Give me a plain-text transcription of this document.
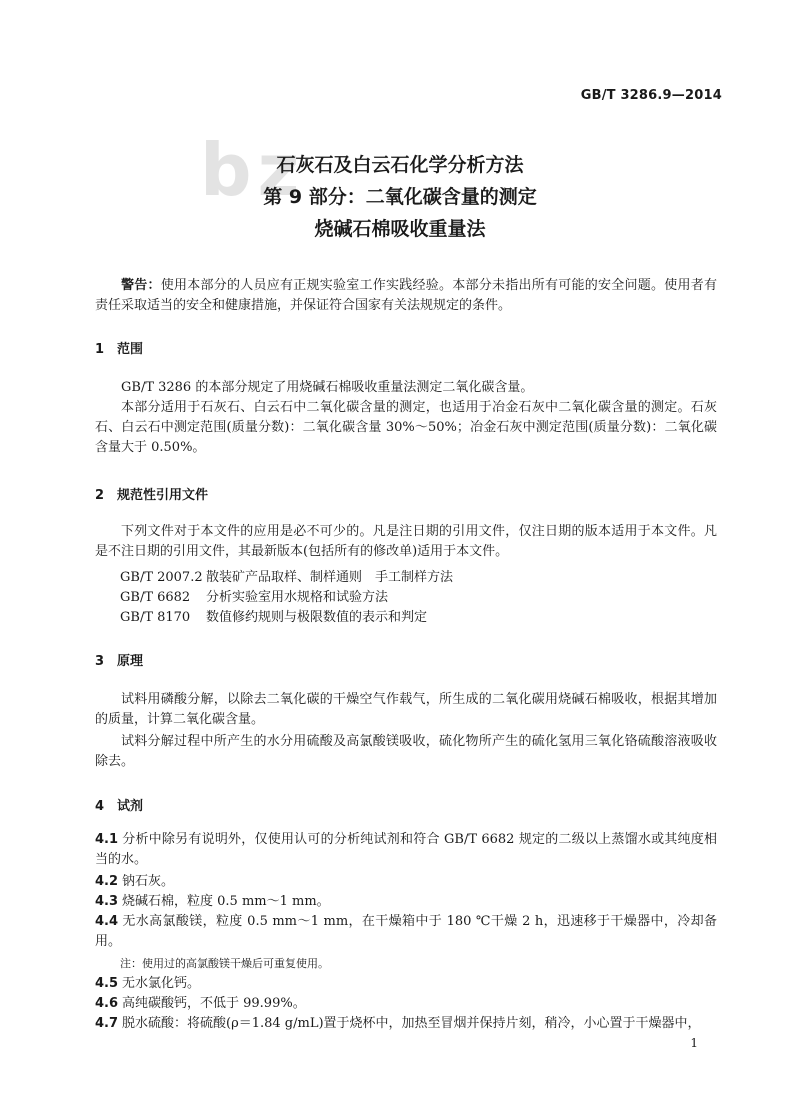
GB/T 3286.9—2014
bz
石灰石及白云石化学分析方法
第 9 部分：二氧化碳含量的测定
烧碱石棉吸收重量法
警告：使用本部分的人员应有正规实验室工作实践经验。本部分未指出所有可能的安全问题。使用者有责任采取适当的安全和健康措施，并保证符合国家有关法规规定的条件。
1 范围
GB/T 3286 的本部分规定了用烧碱石棉吸收重量法测定二氧化碳含量。
本部分适用于石灰石、白云石中二氧化碳含量的测定，也适用于冶金石灰中二氧化碳含量的测定。石灰石、白云石中测定范围(质量分数)：二氧化碳含量 30%～50%；冶金石灰中测定范围(质量分数)：二氧化碳含量大于 0.50%。
2 规范性引用文件
下列文件对于本文件的应用是必不可少的。凡是注日期的引用文件，仅注日期的版本适用于本文件。凡是不注日期的引用文件，其最新版本(包括所有的修改单)适用于本文件。
GB/T 2007.2 散装矿产品取样、制样通则　手工制样方法
GB/T 6682 分析实验室用水规格和试验方法
GB/T 8170 数值修约规则与极限数值的表示和判定
3 原理
试料用磷酸分解，以除去二氧化碳的干燥空气作载气，所生成的二氧化碳用烧碱石棉吸收，根据其增加的质量，计算二氧化碳含量。
试料分解过程中所产生的水分用硫酸及高氯酸镁吸收，硫化物所产生的硫化氢用三氧化铬硫酸溶液吸收除去。
4 试剂
4.1 分析中除另有说明外，仅使用认可的分析纯试剂和符合 GB/T 6682 规定的二级以上蒸馏水或其纯度相当的水。
4.2 钠石灰。
4.3 烧碱石棉，粒度 0.5 mm～1 mm。
4.4 无水高氯酸镁，粒度 0.5 mm～1 mm，在干燥箱中于 180 ℃干燥 2 h，迅速移于干燥器中，冷却备用。
注：使用过的高氯酸镁干燥后可重复使用。
4.5 无水氯化钙。
4.6 高纯碳酸钙，不低于 99.99%。
4.7 脱水硫酸：将硫酸(ρ＝1.84 g/mL)置于烧杯中，加热至冒烟并保持片刻，稍冷，小心置于干燥器中，
1
